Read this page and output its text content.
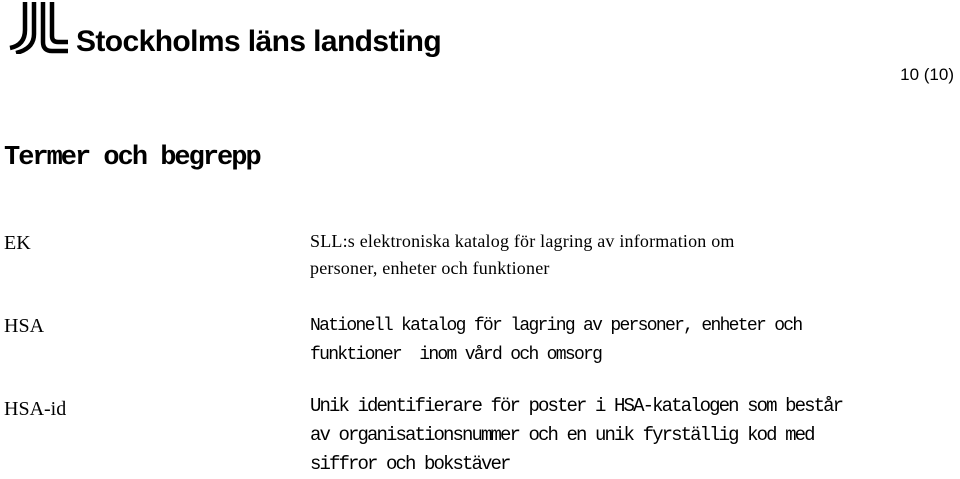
Stockholms läns landsting
10 (10)
Termer och begrepp
EK	SLL:s elektroniska katalog för lagring av information om
personer, enheter och funktioner
HSA	Nationell katalog för lagring av personer, enheter och
funktioner  inom vård och omsorg
HSA-id	Unik identifierare för poster i HSA-katalogen som består
av organisationsnummer och en unik fyrställig kod med
siffror och bokstäver
